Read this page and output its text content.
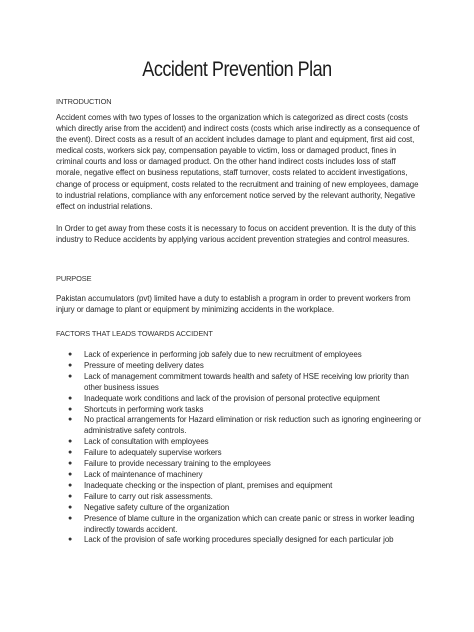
Accident Prevention Plan
INTRODUCTION
Accident comes with two types of losses to the organization which is categorized as direct costs (costs which directly arise from the accident) and indirect costs (costs which arise indirectly as a consequence of the event). Direct costs as a result of an accident includes damage to plant and equipment, first aid cost, medical costs, workers sick pay, compensation payable to victim, loss or damaged product, fines in criminal courts and loss or damaged product. On the other hand indirect costs includes loss of staff morale, negative effect on business reputations, staff turnover, costs related to accident investigations, change of process or equipment, costs related to the recruitment and training of new employees, damage to industrial relations, compliance with any enforcement notice served by the relevant authority, Negative effect on industrial relations.
In Order to get away from these costs it is necessary to focus on accident prevention. It is the duty of this industry to Reduce accidents by applying various accident prevention strategies and control measures.
PURPOSE
Pakistan accumulators (pvt) limited have a duty to establish a program in order to prevent workers from injury or damage to plant or equipment by minimizing accidents in the workplace.
FACTORS THAT LEADS TOWARDS ACCIDENT
● Lack of experience in performing job safely due to new recruitment of employees
● Pressure of meeting delivery dates
● Lack of management commitment towards health and safety of HSE receiving low priority than other business issues
● Inadequate work conditions and lack of the provision of personal protective equipment
● Shortcuts in performing work tasks
● No practical arrangements for Hazard elimination or risk reduction such as ignoring engineering or administrative safety controls.
● Lack of consultation with employees
● Failure to adequately supervise workers
● Failure to provide necessary training to the employees
● Lack of maintenance of machinery
● Inadequate checking or the inspection of plant, premises and equipment
● Failure to carry out risk assessments.
● Negative safety culture of the organization
● Presence of blame culture in the organization which can create panic or stress in worker leading indirectly towards accident.
● Lack of the provision of safe working procedures specially designed for each particular job
